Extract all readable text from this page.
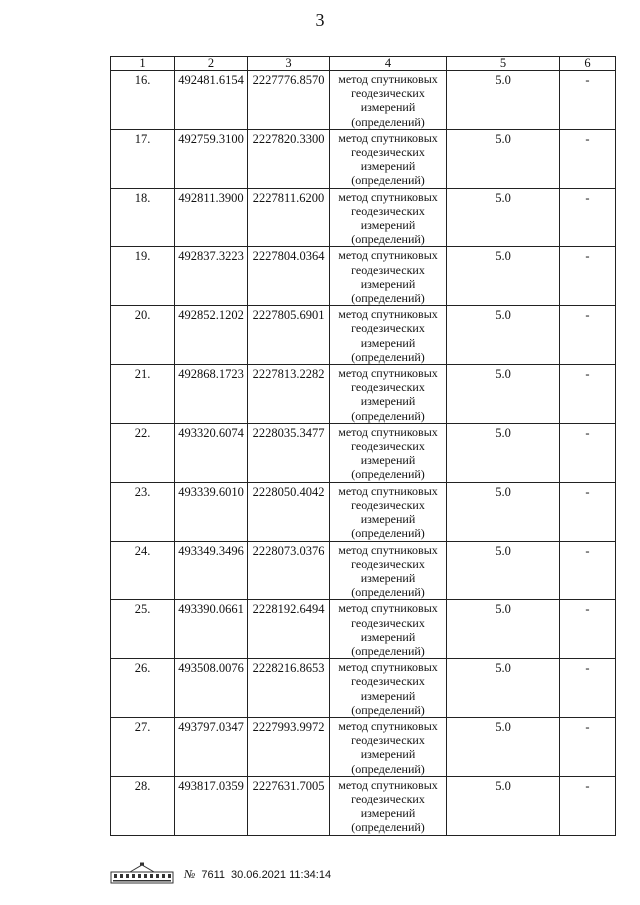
3
1	2	3	4	5	6
16.	492481.6154	2227776.8570	метод спутниковых геодезических измерений (определений)	5.0	-
17.	492759.3100	2227820.3300	метод спутниковых геодезических измерений (определений)	5.0	-
18.	492811.3900	2227811.6200	метод спутниковых геодезических измерений (определений)	5.0	-
19.	492837.3223	2227804.0364	метод спутниковых геодезических измерений (определений)	5.0	-
20.	492852.1202	2227805.6901	метод спутниковых геодезических измерений (определений)	5.0	-
21.	492868.1723	2227813.2282	метод спутниковых геодезических измерений (определений)	5.0	-
22.	493320.6074	2228035.3477	метод спутниковых геодезических измерений (определений)	5.0	-
23.	493339.6010	2228050.4042	метод спутниковых геодезических измерений (определений)	5.0	-
24.	493349.3496	2228073.0376	метод спутниковых геодезических измерений (определений)	5.0	-
25.	493390.0661	2228192.6494	метод спутниковых геодезических измерений (определений)	5.0	-
26.	493508.0076	2228216.8653	метод спутниковых геодезических измерений (определений)	5.0	-
27.	493797.0347	2227993.9972	метод спутниковых геодезических измерений (определений)	5.0	-
28.	493817.0359	2227631.7005	метод спутниковых геодезических измерений (определений)	5.0	-
№ 7611 30.06.2021 11:34:14
